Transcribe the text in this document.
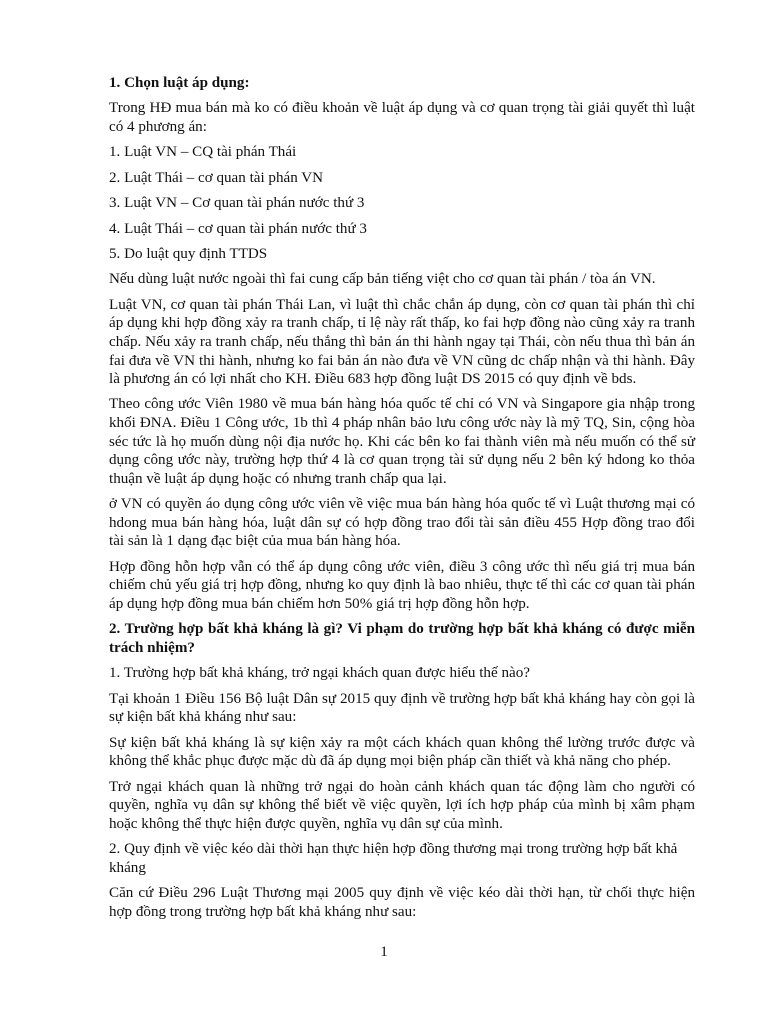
1. Chọn luật áp dụng:

Trong HĐ mua bán mà ko có điều khoản về luật áp dụng và cơ quan trọng tài giải quyết thì luật có 4 phương án:

1. Luật VN – CQ tài phán Thái

2. Luật Thái – cơ quan tài phán VN

3. Luật VN – Cơ quan tài phán nước thứ 3

4. Luật Thái – cơ quan tài phán nước thứ 3

5. Do luật quy định TTDS

Nếu dùng luật nước ngoài thì fai cung cấp bản tiếng việt cho cơ quan tài phán / tòa án VN.

Luật VN, cơ quan tài phán Thái Lan, vì luật thì chắc chắn áp dụng, còn cơ quan tài phán thì chỉ áp dụng khi hợp đồng xảy ra tranh chấp, tỉ lệ này rất thấp, ko fai hợp đồng nào cũng xảy ra tranh chấp. Nếu xảy ra tranh chấp, nếu thắng thì bản án thi hành ngay tại Thái, còn nếu thua thì bản án fai đưa về VN thi hành, nhưng ko fai bản án nào đưa về VN cũng dc chấp nhận và thi hành. Đây là phương án có lợi nhất cho KH. Điều 683 hợp đồng luật DS 2015 có quy định về bds.

Theo công ước Viên 1980 về mua bán hàng hóa quốc tế chỉ có VN và Singapore gia nhập trong khối ĐNA. Điều 1 Công ước, 1b thì 4 pháp nhân bảo lưu công ước này là mỹ TQ, Sin, cộng hòa séc tức là họ muốn dùng nội địa nước họ. Khi các bên ko fai thành viên mà nếu muốn có thể sử dụng công ước này, trường hợp thứ 4 là cơ quan trọng tài sử dụng nếu 2 bên ký hdong ko thỏa thuận về luật áp dụng hoặc có nhưng tranh chấp qua lại.

ở VN có quyền áo dụng công ước viên về việc mua bán hàng hóa quốc tế vì Luật thương mại có hdong mua bán hàng hóa, luật dân sự có hợp đồng trao đổi tài sản điều 455 Hợp đồng trao đổi tài sản là 1 dạng đạc biệt của mua bán hàng hóa.

Hợp đồng hỗn hợp vẫn có thể áp dụng công ước viên, điều 3 công ước thì nếu giá trị mua bán chiếm chủ yếu giá trị hợp đồng, nhưng ko quy định là bao nhiêu, thực tế thì các cơ quan tài phán áp dụng hợp đồng mua bán chiếm hơn 50% giá trị hợp đồng hỗn hợp.

2. Trường hợp bất khả kháng là gì? Vi phạm do trường hợp bất khả kháng có được miễn trách nhiệm?

1. Trường hợp bất khả kháng, trở ngại khách quan được hiểu thế nào?

Tại khoản 1 Điều 156 Bộ luật Dân sự 2015 quy định về trường hợp bất khả kháng hay còn gọi là sự kiện bất khả kháng như sau:

Sự kiện bất khả kháng là sự kiện xảy ra một cách khách quan không thể lường trước được và không thể khắc phục được mặc dù đã áp dụng mọi biện pháp cần thiết và khả năng cho phép.

Trở ngại khách quan là những trở ngại do hoàn cảnh khách quan tác động làm cho người có quyền, nghĩa vụ dân sự không thể biết về việc quyền, lợi ích hợp pháp của mình bị xâm phạm hoặc không thể thực hiện được quyền, nghĩa vụ dân sự của mình.

2. Quy định về việc kéo dài thời hạn thực hiện hợp đồng thương mại trong trường hợp bất khả kháng

Căn cứ Điều 296 Luật Thương mại 2005 quy định về việc kéo dài thời hạn, từ chối thực hiện hợp đồng trong trường hợp bất khả kháng như sau:

1
